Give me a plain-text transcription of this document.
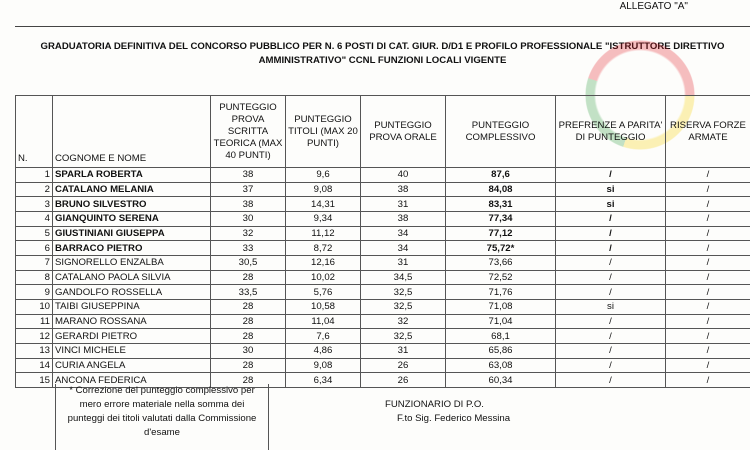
ALLEGATO "A"
GRADUATORIA DEFINITIVA DEL CONCORSO PUBBLICO PER N. 6 POSTI DI CAT. GIUR. D/D1 E PROFILO PROFESSIONALE "ISTRUTTORE DIRETTIVO
AMMINISTRATIVO" CCNL FUNZIONI LOCALI VIGENTE
N.	COGNOME E NOME	PUNTEGGIO PROVA SCRITTA TEORICA (MAX 40 PUNTI)	PUNTEGGIO TITOLI (MAX 20 PUNTI)	PUNTEGGIO PROVA ORALE	PUNTEGGIO COMPLESSIVO	PREFRENZE A PARITA' DI PUNTEGGIO	RISERVA FORZE ARMATE
1	SPARLA ROBERTA	38	9,6	40	87,6	/	/
2	CATALANO MELANIA	37	9,08	38	84,08	si	/
3	BRUNO SILVESTRO	38	14,31	31	83,31	si	/
4	GIANQUINTO SERENA	30	9,34	38	77,34	/	/
5	GIUSTINIANI GIUSEPPA	32	11,12	34	77,12	/	/
6	BARRACO PIETRO	33	8,72	34	75,72*	/	/
7	SIGNORELLO ENZALBA	30,5	12,16	31	73,66	/	/
8	CATALANO PAOLA SILVIA	28	10,02	34,5	72,52	/	/
9	GANDOLFO ROSSELLA	33,5	5,76	32,5	71,76	/	/
10	TAIBI GIUSEPPINA	28	10,58	32,5	71,08	si	/
11	MARANO ROSSANA	28	11,04	32	71,04	/	/
12	GERARDI PIETRO	28	7,6	32,5	68,1	/	/
13	VINCI MICHELE	30	4,86	31	65,86	/	/
14	CURIA ANGELA	28	9,08	26	63,08	/	/
15	ANCONA FEDERICA	28	6,34	26	60,34	/	/
* Correzione del punteggio complessivo per
mero errore materiale nella somma dei
punteggi dei titoli valutati dalla Commissione
d'esame
FUNZIONARIO DI P.O.
F.to Sig. Federico Messina
